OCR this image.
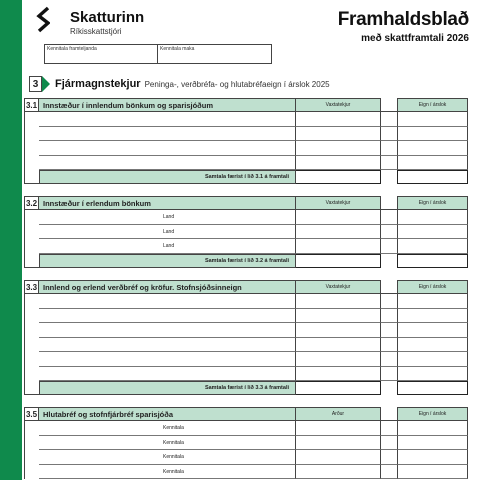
Skatturinn
Ríkisskattstjóri
Framhaldsblað
með skattframtali 2026
Kennitala framteljanda	Kennitala maka
3	Fjármagnstekjur Peninga-, verðbréfa- og hlutabréfaeign í árslok 2025
3.1 Innstæður í innlendum bönkum og sparisjóðum	Vaxtatekjur	Eign í árslok
Samtala færist í lið 3.1 á framtali
3.2 Innstæður í erlendum bönkum	Vaxtatekjur	Eign í árslok
Land
Land
Land
Samtala færist í lið 3.2 á framtali
3.3 Innlend og erlend verðbréf og kröfur. Stofnsjóðsinneign	Vaxtatekjur	Eign í árslok
Samtala færist í lið 3.3 á framtali
3.5 Hlutabréf og stofnfjárbréf sparisjóða	Arður	Eign í árslok
Kennitala
Kennitala
Kennitala
Kennitala
